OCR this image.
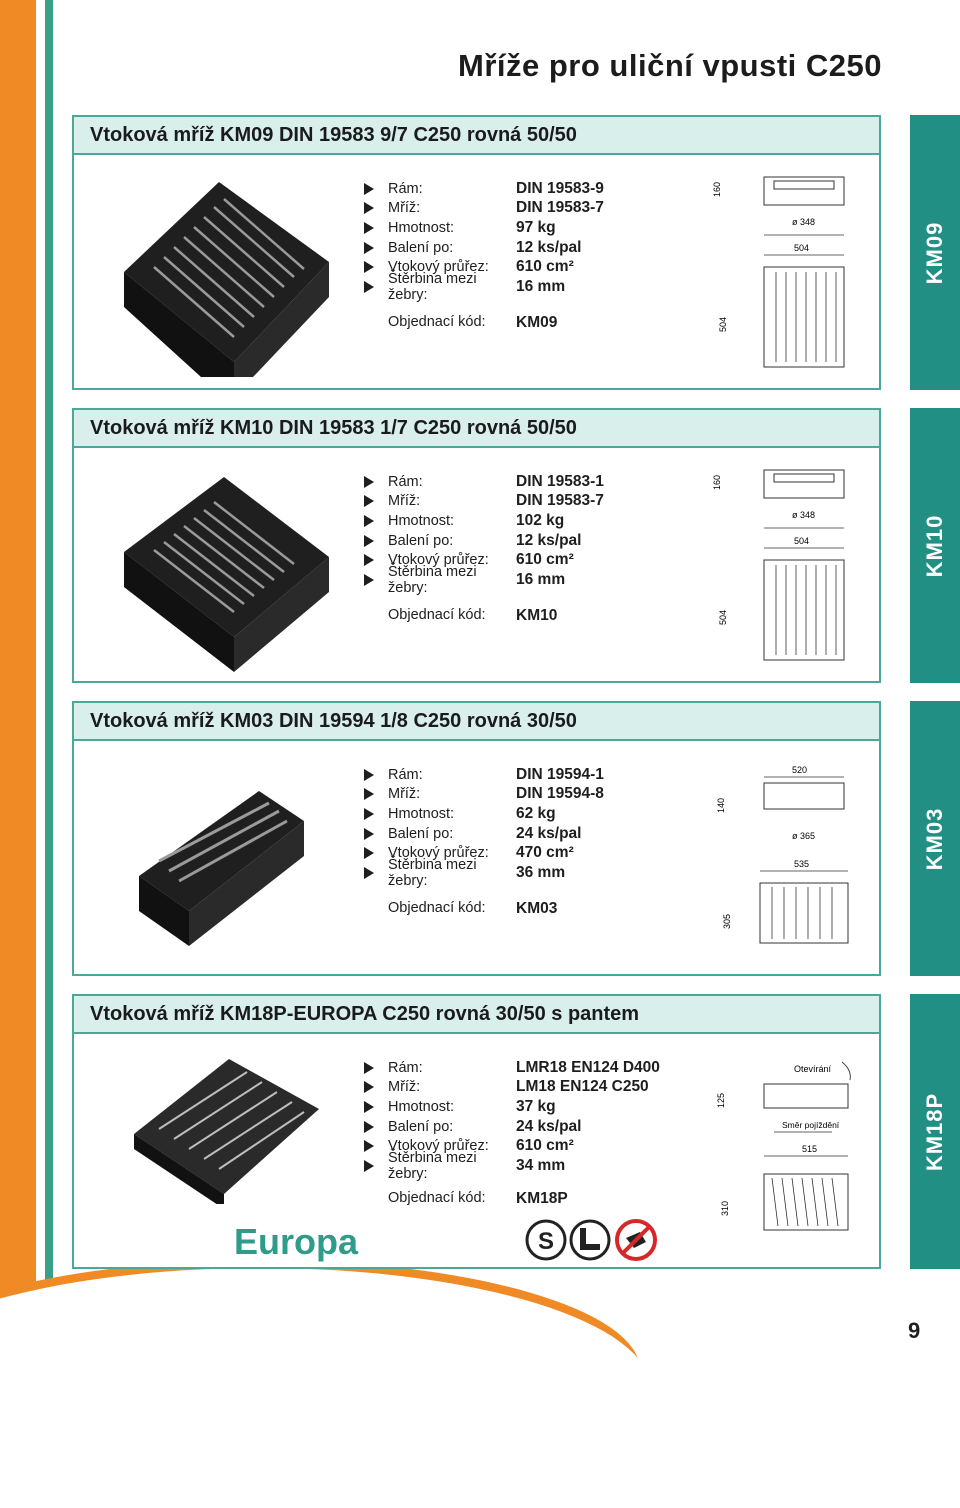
Mříže pro uliční vpusti C250
Vtoková mříž KM09 DIN 19583 9/7 C250 rovná 50/50
Rám:	DIN 19583-9
Mříž:	DIN 19583-7
Hmotnost:	97 kg
Balení po:	12 ks/pal
Vtokový průřez:	610 cm²
Štěrbina mezi žebry:	16 mm
Objednací kód:	KM09
160
ø 348
504
504
KM09
Vtoková mříž KM10 DIN 19583 1/7 C250 rovná 50/50
Rám:	DIN 19583-1
Mříž:	DIN 19583-7
Hmotnost:	102 kg
Balení po:	12 ks/pal
Vtokový průřez:	610 cm²
Štěrbina mezi žebry:	16 mm
Objednací kód:	KM10
160
ø 348
504
504
KM10
Vtoková mříž KM03 DIN 19594 1/8 C250 rovná 30/50
Rám:	DIN 19594-1
Mříž:	DIN 19594-8
Hmotnost:	62 kg
Balení po:	24 ks/pal
Vtokový průřez:	470 cm²
Štěrbina mezi žebry:	36 mm
Objednací kód:	KM03
520
140
ø 365
535
305
KM03
Vtoková mříž KM18P-EUROPA C250 rovná 30/50 s pantem
Rám:	LMR18 EN124 D400
Mříž:	LM18 EN124 C250
Hmotnost:	37 kg
Balení po:	24 ks/pal
Vtokový průřez:	610 cm²
Štěrbina mezi žebry:	34 mm
Objednací kód:	KM18P
Otevírání
125
Směr pojíždění
515
310
KM18P
Europa	S
9
